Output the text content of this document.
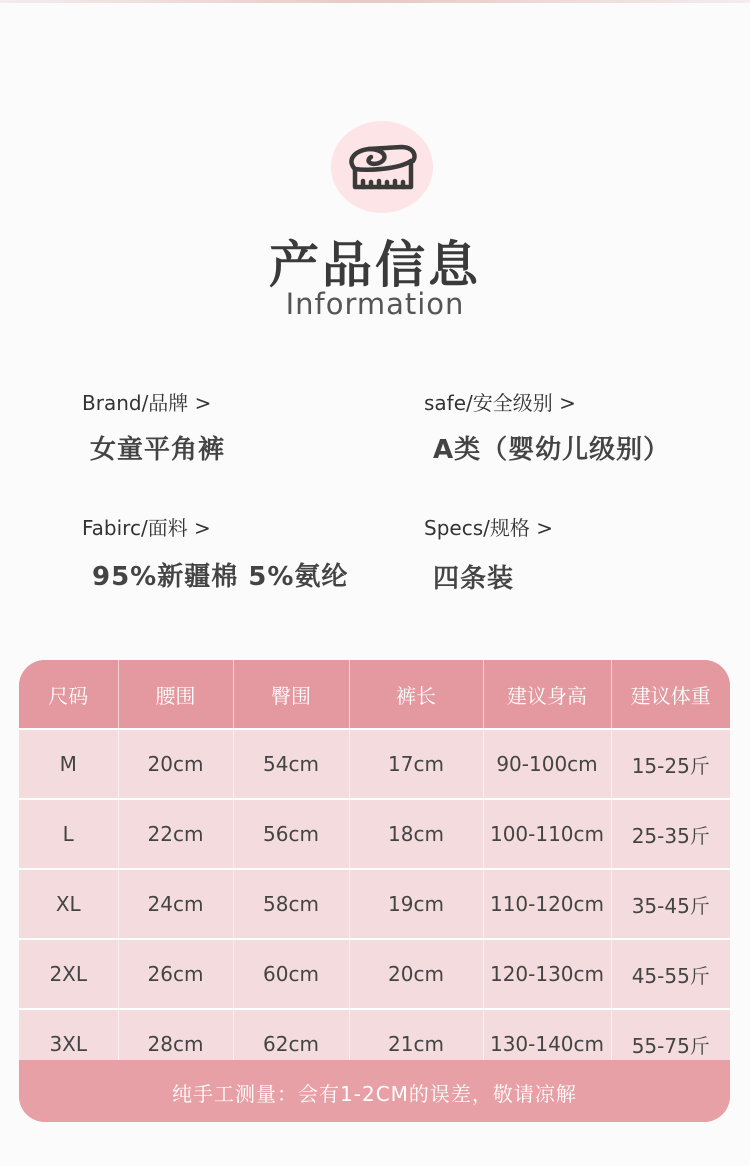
产品信息
Information
Brand/品牌 >
女童平角裤
safe/安全级别 >
A类（婴幼儿级别）
Fabirc/面料 >
95%新疆棉 5%氨纶
Specs/规格 >
四条装
尺码	腰围	臀围	裤长	建议身高	建议体重
M	20cm	54cm	17cm	90-100cm	15-25斤
L	22cm	56cm	18cm	100-110cm	25-35斤
XL	24cm	58cm	19cm	110-120cm	35-45斤
2XL	26cm	60cm	20cm	120-130cm	45-55斤
3XL	28cm	62cm	21cm	130-140cm	55-75斤
纯手工测量：会有1-2CM的误差，敬请凉解
